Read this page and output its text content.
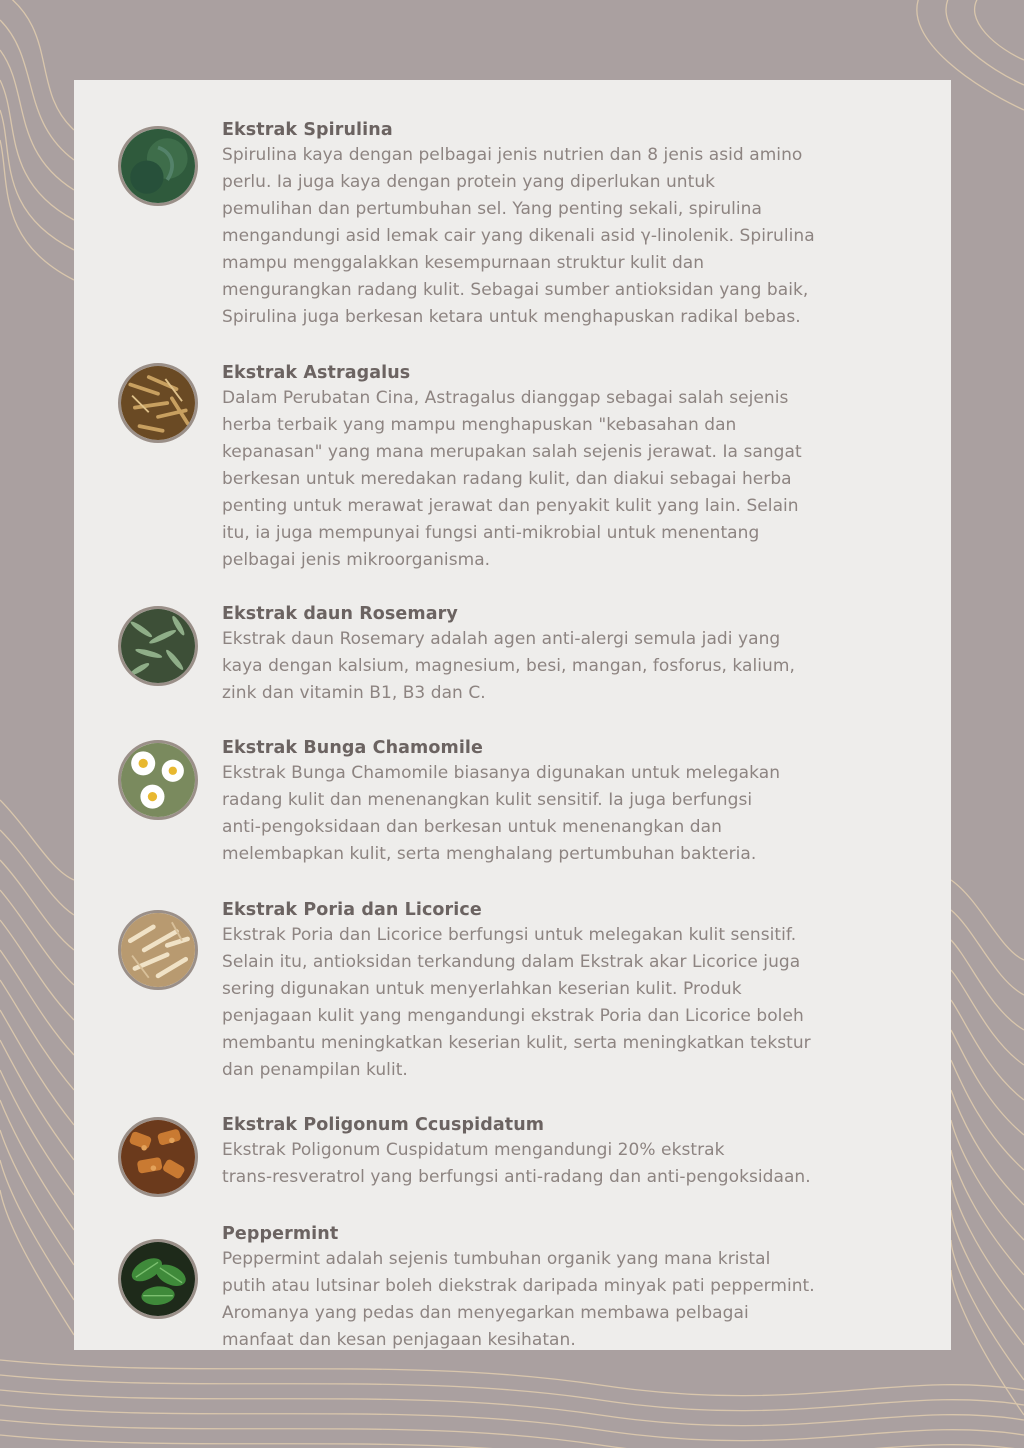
Ekstrak Spirulina

Spirulina kaya dengan pelbagai jenis nutrien dan 8 jenis asid amino
perlu. Ia juga kaya dengan protein yang diperlukan untuk
pemulihan dan pertumbuhan sel. Yang penting sekali, spirulina
mengandungi asid lemak cair yang dikenali asid γ-linolenik. Spirulina
mampu menggalakkan kesempurnaan struktur kulit dan
mengurangkan radang kulit. Sebagai sumber antioksidan yang baik,
Spirulina juga berkesan ketara untuk menghapuskan radikal bebas.

Ekstrak Astragalus

Dalam Perubatan Cina, Astragalus dianggap sebagai salah sejenis
herba terbaik yang mampu menghapuskan "kebasahan dan
kepanasan" yang mana merupakan salah sejenis jerawat. Ia sangat
berkesan untuk meredakan radang kulit, dan diakui sebagai herba
penting untuk merawat jerawat dan penyakit kulit yang lain. Selain
itu, ia juga mempunyai fungsi anti-mikrobial untuk menentang
pelbagai jenis mikroorganisma.

Ekstrak daun Rosemary

Ekstrak daun Rosemary adalah agen anti-alergi semula jadi yang
kaya dengan kalsium, magnesium, besi, mangan, fosforus, kalium,
zink dan vitamin B1, B3 dan C.

Ekstrak Bunga Chamomile

Ekstrak Bunga Chamomile biasanya digunakan untuk melegakan
radang kulit dan menenangkan kulit sensitif. Ia juga berfungsi
anti-pengoksidaan dan berkesan untuk menenangkan dan
melembapkan kulit, serta menghalang pertumbuhan bakteria.

Ekstrak Poria dan Licorice

Ekstrak Poria dan Licorice berfungsi untuk melegakan kulit sensitif.
Selain itu, antioksidan terkandung dalam Ekstrak akar Licorice juga
sering digunakan untuk menyerlahkan keserian kulit. Produk
penjagaan kulit yang mengandungi ekstrak Poria dan Licorice boleh
membantu meningkatkan keserian kulit, serta meningkatkan tekstur
dan penampilan kulit.

Ekstrak Poligonum Ccuspidatum

Ekstrak Poligonum Cuspidatum mengandungi 20% ekstrak
trans-resveratrol yang berfungsi anti-radang dan anti-pengoksidaan.

Peppermint

Peppermint adalah sejenis tumbuhan organik yang mana kristal
putih atau lutsinar boleh diekstrak daripada minyak pati peppermint.
Aromanya yang pedas dan menyegarkan membawa pelbagai
manfaat dan kesan penjagaan kesihatan.
